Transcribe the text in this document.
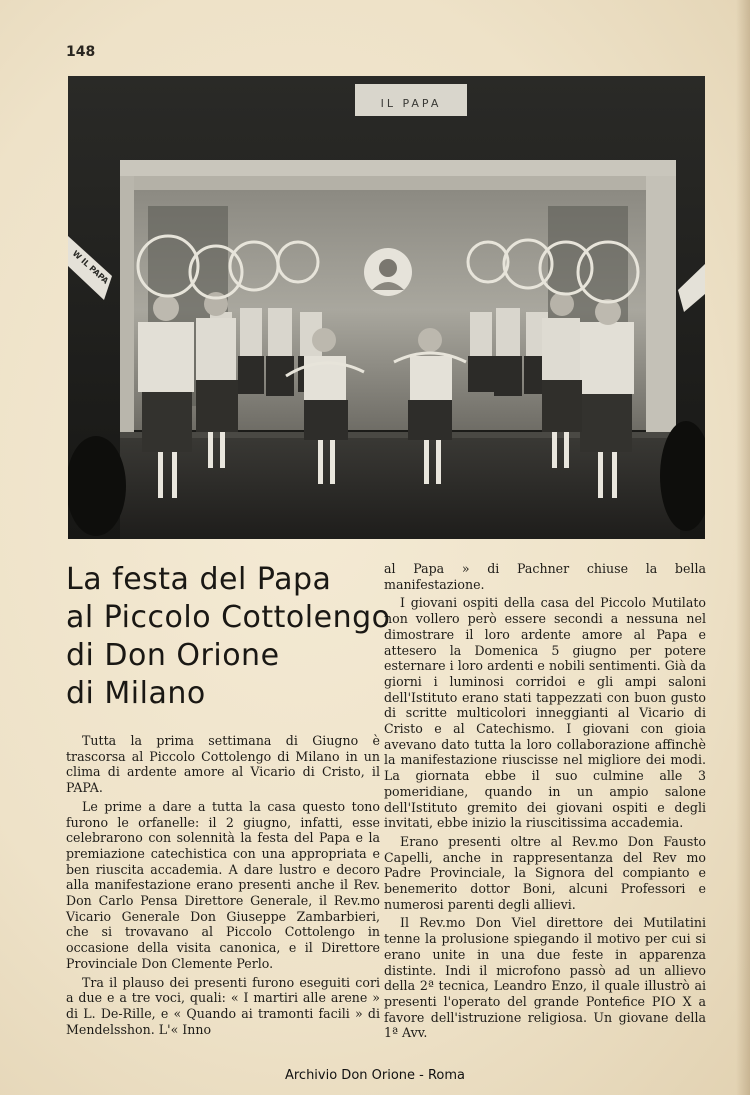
148
IL PAPA
W IL PAPA
La festa del Papa
al Piccolo Cottolengo
di Don Orione
di Milano

Tutta la prima settimana di Giugno è trascorsa al Piccolo Cottolengo di Milano in un clima di ardente amore al Vicario di Cristo, il PAPA.

Le prime a dare a tutta la casa questo tono furono le orfanelle: il 2 giugno, infatti, esse celebrarono con solennità la festa del Papa e la premiazione catechistica con una appropriata e ben riuscita accademia. A dare lustro e decoro alla manifestazione erano presenti anche il Rev. Don Carlo Pensa Direttore Generale, il Rev.mo Vicario Generale Don Giuseppe Zambarbieri, che si trovavano al Piccolo Cottolengo in occasione della visita canonica, e il Direttore Provinciale Don Clemente Perlo.

Tra il plauso dei presenti furono eseguiti cori a due e a tre voci, quali: « I martiri alle arene » di L. De-Rille, e « Quando ai tramonti facili » di Mendelsshon. L'« Inno

al Papa » di Pachner chiuse la bella manifestazione.

I giovani ospiti della casa del Piccolo Mutilato non vollero però essere secondi a nessuna nel dimostrare il loro ardente amore al Papa e attesero la Domenica 5 giugno per potere esternare i loro ardenti e nobili sentimenti. Già da giorni i luminosi corridoi e gli ampi saloni dell'Istituto erano stati tappezzati con buon gusto di scritte multicolori inneggianti al Vicario di Cristo e al Catechismo. I giovani con gioia avevano dato tutta la loro collaborazione affinchè la manifestazione riuscisse nel migliore dei modi. La giornata ebbe il suo culmine alle 3 pomeridiane, quando in un ampio salone dell'Istituto gremito dei giovani ospiti e degli invitati, ebbe inizio la riuscitissima accademia.

Erano presenti oltre al Rev.mo Don Fausto Capelli, anche in rappresentanza del Rev mo Padre Provinciale, la Signora del compianto e benemerito dottor Boni, alcuni Professori e numerosi parenti degli allievi.

Il Rev.mo Don Viel direttore dei Mutilatini tenne la prolusione spiegando il motivo per cui si erano unite in una due feste in apparenza distinte. Indi il microfono passò ad un allievo della 2ª tecnica, Leandro Enzo, il quale illustrò ai presenti l'operato del grande Pontefice PIO X a favore dell'istruzione religiosa. Un giovane della 1ª Avv.

Archivio Don Orione - Roma
